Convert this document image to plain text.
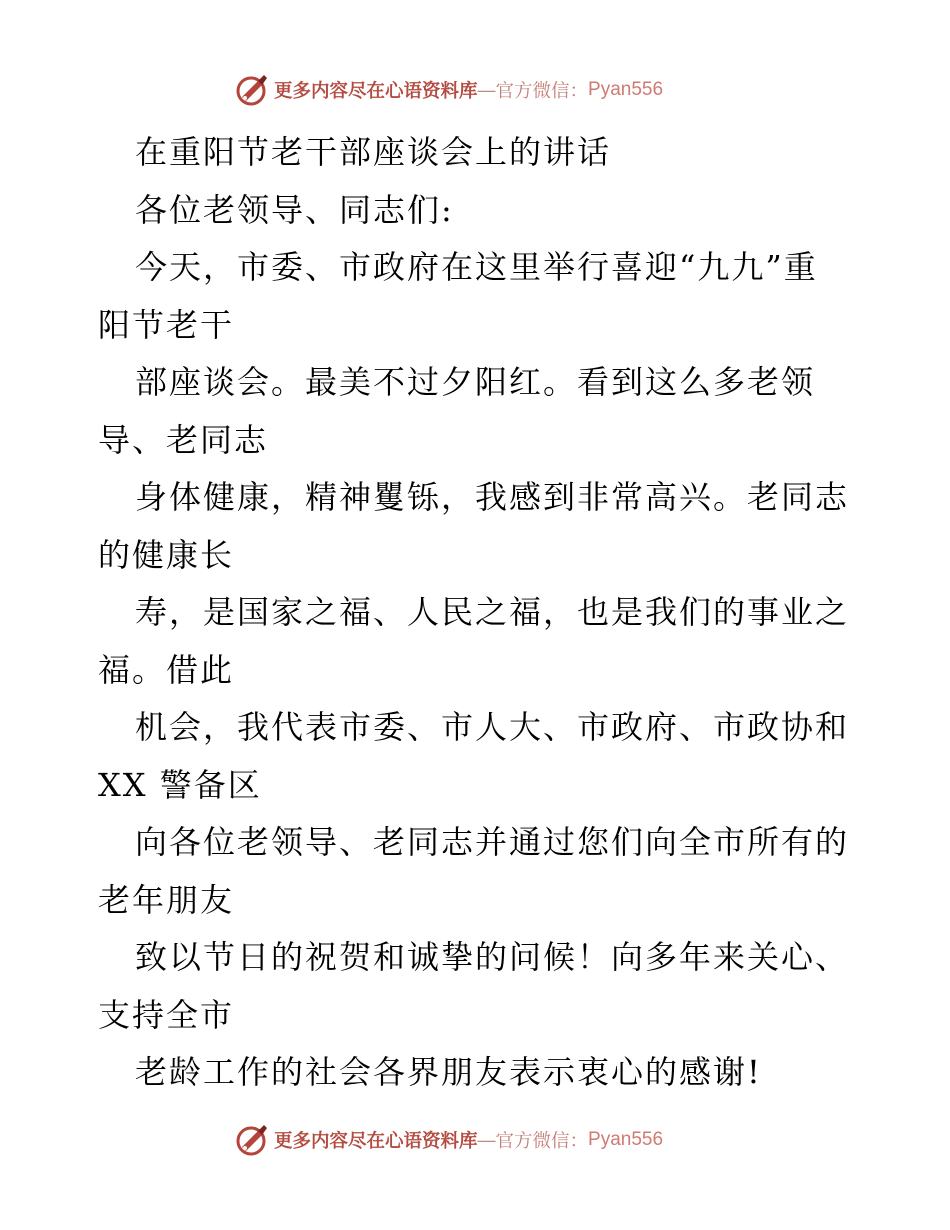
更多内容尽在心语资料库 — 官方微信： Pyan556

在重阳节老干部座谈会上的讲话

各位老领导、同志们:

今天，市委、市政府在这里举行喜迎“九九”重

阳节老干

部座谈会。最美不过夕阳红。看到这么多老领

导、老同志

身体健康，精神矍铄，我感到非常高兴。老同志

的健康长

寿，是国家之福、人民之福，也是我们的事业之

福。借此

机会，我代表市委、市人大、市政府、市政协和

XX 警备区

向各位老领导、老同志并通过您们向全市所有的

老年朋友

致以节日的祝贺和诚挚的问候！向多年来关心、

支持全市

老龄工作的社会各界朋友表示衷心的感谢!

更多内容尽在心语资料库 — 官方微信： Pyan556
